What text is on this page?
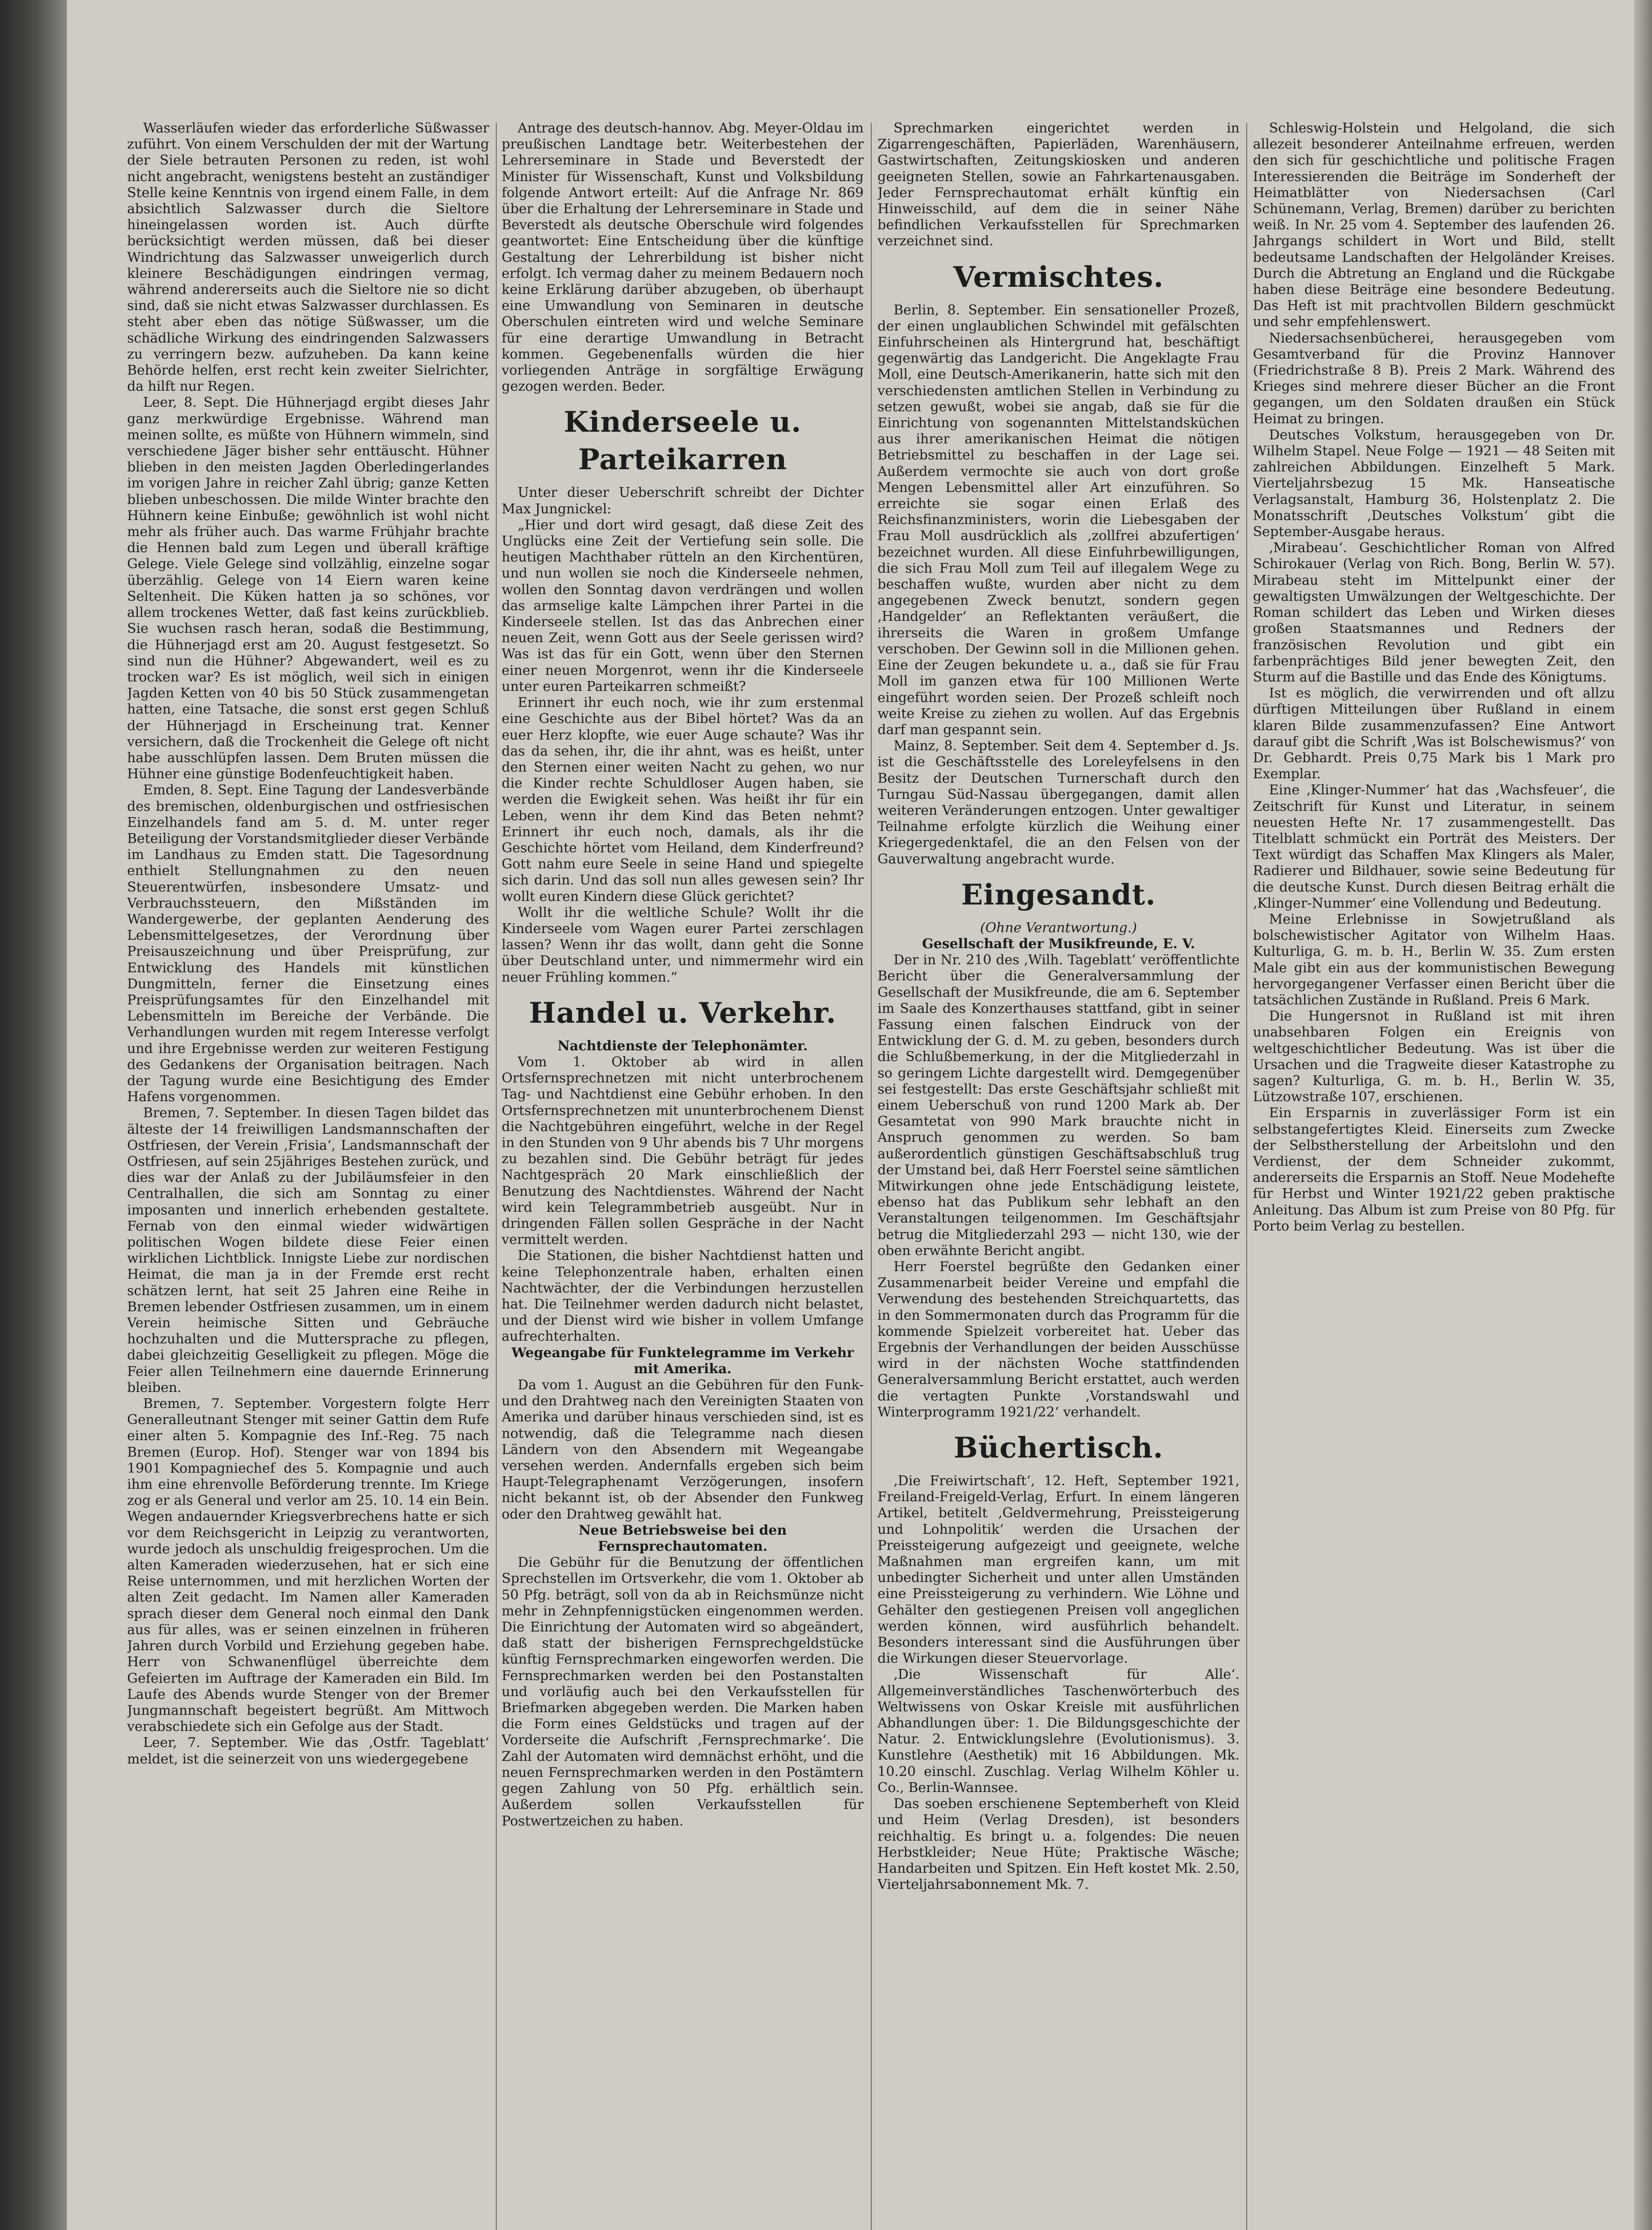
Wasserläufen wieder das erforderliche Süßwasser zuführt. Von einem Verschulden der mit der Wartung der Siele betrauten Personen zu reden, ist wohl nicht angebracht, wenigstens besteht an zuständiger Stelle keine Kenntnis von irgend einem Falle, in dem absichtlich Salzwasser durch die Sieltore hineingelassen worden ist. Auch dürfte berücksichtigt werden müssen, daß bei dieser Windrichtung das Salzwasser unweigerlich durch kleinere Beschädigungen eindringen vermag, während andererseits auch die Sieltore nie so dicht sind, daß sie nicht etwas Salzwasser durchlassen. Es steht aber eben das nötige Süßwasser, um die schädliche Wirkung des eindringenden Salzwassers zu verringern bezw. aufzuheben. Da kann keine Behörde helfen, erst recht kein zweiter Sielrichter, da hilft nur Regen.

Leer, 8. Sept. Die Hühnerjagd ergibt dieses Jahr ganz merkwürdige Ergebnisse. Während man meinen sollte, es müßte von Hühnern wimmeln, sind verschiedene Jäger bisher sehr enttäuscht. Hühner blieben in den meisten Jagden Oberledingerlandes im vorigen Jahre in reicher Zahl übrig; ganze Ketten blieben unbeschossen. Die milde Winter brachte den Hühnern keine Einbuße; gewöhnlich ist wohl nicht mehr als früher auch. Das warme Frühjahr brachte die Hennen bald zum Legen und überall kräftige Gelege. Viele Gelege sind vollzählig, einzelne sogar überzählig. Gelege von 14 Eiern waren keine Seltenheit. Die Küken hatten ja so schönes, vor allem trockenes Wetter, daß fast keins zurückblieb. Sie wuchsen rasch heran, sodaß die Bestimmung, die Hühnerjagd erst am 20. August festgesetzt. So sind nun die Hühner? Abgewandert, weil es zu trocken war? Es ist möglich, weil sich in einigen Jagden Ketten von 40 bis 50 Stück zusammengetan hatten, eine Tatsache, die sonst erst gegen Schluß der Hühnerjagd in Erscheinung trat. Kenner versichern, daß die Trockenheit die Gelege oft nicht habe ausschlüpfen lassen. Dem Bruten müssen die Hühner eine günstige Bodenfeuchtigkeit haben.

Emden, 8. Sept. Eine Tagung der Landesverbände des bremischen, oldenburgischen und ostfriesischen Einzelhandels fand am 5. d. M. unter reger Beteiligung der Vorstandsmitglieder dieser Verbände im Landhaus zu Emden statt. Die Tagesordnung enthielt Stellungnahmen zu den neuen Steuerentwürfen, insbesondere Umsatz- und Verbrauchssteuern, den Mißständen im Wandergewerbe, der geplanten Aenderung des Lebensmittelgesetzes, der Verordnung über Preisauszeichnung und über Preisprüfung, zur Entwicklung des Handels mit künstlichen Dungmitteln, ferner die Einsetzung eines Preisprüfungsamtes für den Einzelhandel mit Lebensmitteln im Bereiche der Verbände. Die Verhandlungen wurden mit regem Interesse verfolgt und ihre Ergebnisse werden zur weiteren Festigung des Gedankens der Organisation beitragen. Nach der Tagung wurde eine Besichtigung des Emder Hafens vorgenommen.

Bremen, 7. September. In diesen Tagen bildet das älteste der 14 freiwilligen Landsmannschaften der Ostfriesen, der Verein ‚Frisia‘, Landsmannschaft der Ostfriesen, auf sein 25jähriges Bestehen zurück, und dies war der Anlaß zu der Jubiläumsfeier in den Centralhallen, die sich am Sonntag zu einer imposanten und innerlich erhebenden gestaltete. Fernab von den einmal wieder widwärtigen politischen Wogen bildete diese Feier einen wirklichen Lichtblick. Innigste Liebe zur nordischen Heimat, die man ja in der Fremde erst recht schätzen lernt, hat seit 25 Jahren eine Reihe in Bremen lebender Ostfriesen zusammen, um in einem Verein heimische Sitten und Gebräuche hochzuhalten und die Muttersprache zu pflegen, dabei gleichzeitig Geselligkeit zu pflegen. Möge die Feier allen Teilnehmern eine dauernde Erinnerung bleiben.

Bremen, 7. September. Vorgestern folgte Herr Generalleutnant Stenger mit seiner Gattin dem Rufe einer alten 5. Kompagnie des Inf.-Reg. 75 nach Bremen (Europ. Hof). Stenger war von 1894 bis 1901 Kompagniechef des 5. Kompagnie und auch ihm eine ehrenvolle Beförderung trennte. Im Kriege zog er als General und verlor am 25. 10. 14 ein Bein. Wegen andauernder Kriegsverbrechens hatte er sich vor dem Reichsgericht in Leipzig zu verantworten, wurde jedoch als unschuldig freigesprochen. Um die alten Kameraden wiederzusehen, hat er sich eine Reise unternommen, und mit herzlichen Worten der alten Zeit gedacht. Im Namen aller Kameraden sprach dieser dem General noch einmal den Dank aus für alles, was er seinen einzelnen in früheren Jahren durch Vorbild und Erziehung gegeben habe. Herr von Schwanenflügel überreichte dem Gefeierten im Auftrage der Kameraden ein Bild. Im Laufe des Abends wurde Stenger von der Bremer Jungmannschaft begeistert begrüßt. Am Mittwoch verabschiedete sich ein Gefolge aus der Stadt.

Leer, 7. September. Wie das ‚Ostfr. Tageblatt‘ meldet, ist die seinerzeit von uns wiedergegebene

Antrage des deutsch-hannov. Abg. Meyer-Oldau im preußischen Landtage betr. Weiterbestehen der Lehrerseminare in Stade und Beverstedt der Minister für Wissenschaft, Kunst und Volksbildung folgende Antwort erteilt: Auf die Anfrage Nr. 869 über die Erhaltung der Lehrerseminare in Stade und Beverstedt als deutsche Oberschule wird folgendes geantwortet: Eine Entscheidung über die künftige Gestaltung der Lehrerbildung ist bisher nicht erfolgt. Ich vermag daher zu meinem Bedauern noch keine Erklärung darüber abzugeben, ob überhaupt eine Umwandlung von Seminaren in deutsche Oberschulen eintreten wird und welche Seminare für eine derartige Umwandlung in Betracht kommen. Gegebenenfalls würden die hier vorliegenden Anträge in sorgfältige Erwägung gezogen werden. Beder.

Kinderseele u. Parteikarren

Unter dieser Ueberschrift schreibt der Dichter Max Jungnickel:

„Hier und dort wird gesagt, daß diese Zeit des Unglücks eine Zeit der Vertiefung sein solle. Die heutigen Machthaber rütteln an den Kirchentüren, und nun wollen sie noch die Kinderseele nehmen, wollen den Sonntag davon verdrängen und wollen das armselige kalte Lämpchen ihrer Partei in die Kinderseele stellen. Ist das das Anbrechen einer neuen Zeit, wenn Gott aus der Seele gerissen wird? Was ist das für ein Gott, wenn über den Sternen einer neuen Morgenrot, wenn ihr die Kinderseele unter euren Parteikarren schmeißt?

Erinnert ihr euch noch, wie ihr zum erstenmal eine Geschichte aus der Bibel hörtet? Was da an euer Herz klopfte, wie euer Auge schaute? Was ihr das da sehen, ihr, die ihr ahnt, was es heißt, unter den Sternen einer weiten Nacht zu gehen, wo nur die Kinder rechte Schuldloser Augen haben, sie werden die Ewigkeit sehen. Was heißt ihr für ein Leben, wenn ihr dem Kind das Beten nehmt? Erinnert ihr euch noch, damals, als ihr die Geschichte hörtet vom Heiland, dem Kinderfreund? Gott nahm eure Seele in seine Hand und spiegelte sich darin. Und das soll nun alles gewesen sein? Ihr wollt euren Kindern diese Glück gerichtet?

Wollt ihr die weltliche Schule? Wollt ihr die Kinderseele vom Wagen eurer Partei zerschlagen lassen? Wenn ihr das wollt, dann geht die Sonne über Deutschland unter, und nimmermehr wird ein neuer Frühling kommen.“

Handel u. Verkehr.

Nachtdienste der Telephonämter.

Vom 1. Oktober ab wird in allen Ortsfernsprechnetzen mit nicht unterbrochenem Tag- und Nachtdienst eine Gebühr erhoben. In den Ortsfernsprechnetzen mit ununterbrochenem Dienst die Nachtgebühren eingeführt, welche in der Regel in den Stunden von 9 Uhr abends bis 7 Uhr morgens zu bezahlen sind. Die Gebühr beträgt für jedes Nachtgespräch 20 Mark einschließlich der Benutzung des Nachtdienstes. Während der Nacht wird kein Telegrammbetrieb ausgeübt. Nur in dringenden Fällen sollen Gespräche in der Nacht vermittelt werden.

Die Stationen, die bisher Nachtdienst hatten und keine Telephonzentrale haben, erhalten einen Nachtwächter, der die Verbindungen herzustellen hat. Die Teilnehmer werden dadurch nicht belastet, und der Dienst wird wie bisher in vollem Umfange aufrechterhalten.

Wegeangabe für Funktelegramme im Verkehr mit Amerika.

Da vom 1. August an die Gebühren für den Funk- und den Drahtweg nach den Vereinigten Staaten von Amerika und darüber hinaus verschieden sind, ist es notwendig, daß die Telegramme nach diesen Ländern von den Absendern mit Wegeangabe versehen werden. Andernfalls ergeben sich beim Haupt-Telegraphenamt Verzögerungen, insofern nicht bekannt ist, ob der Absender den Funkweg oder den Drahtweg gewählt hat.

Neue Betriebsweise bei den Fernsprechautomaten.

Die Gebühr für die Benutzung der öffentlichen Sprechstellen im Ortsverkehr, die vom 1. Oktober ab 50 Pfg. beträgt, soll von da ab in Reichsmünze nicht mehr in Zehnpfennigstücken eingenommen werden. Die Einrichtung der Automaten wird so abgeändert, daß statt der bisherigen Fernsprechgeldstücke künftig Fernsprechmarken eingeworfen werden. Die Fernsprechmarken werden bei den Postanstalten und vorläufig auch bei den Verkaufsstellen für Briefmarken abgegeben werden. Die Marken haben die Form eines Geldstücks und tragen auf der Vorderseite die Aufschrift ‚Fernsprechmarke‘. Die Zahl der Automaten wird demnächst erhöht, und die neuen Fernsprechmarken werden in den Postämtern gegen Zahlung von 50 Pfg. erhältlich sein. Außerdem sollen Verkaufsstellen für Postwertzeichen zu haben.

Sprechmarken eingerichtet werden in Zigarrengeschäften, Papierläden, Warenhäusern, Gastwirtschaften, Zeitungskiosken und anderen geeigneten Stellen, sowie an Fahrkartenausgaben. Jeder Fernsprechautomat erhält künftig ein Hinweisschild, auf dem die in seiner Nähe befindlichen Verkaufsstellen für Sprechmarken verzeichnet sind.

Vermischtes.

Berlin, 8. September. Ein sensationeller Prozeß, der einen unglaublichen Schwindel mit gefälschten Einfuhrscheinen als Hintergrund hat, beschäftigt gegenwärtig das Landgericht. Die Angeklagte Frau Moll, eine Deutsch-Amerikanerin, hatte sich mit den verschiedensten amtlichen Stellen in Verbindung zu setzen gewußt, wobei sie angab, daß sie für die Einrichtung von sogenannten Mittelstandsküchen aus ihrer amerikanischen Heimat die nötigen Betriebsmittel zu beschaffen in der Lage sei. Außerdem vermochte sie auch von dort große Mengen Lebensmittel aller Art einzuführen. So erreichte sie sogar einen Erlaß des Reichsfinanzministers, worin die Liebesgaben der Frau Moll ausdrücklich als ‚zollfrei abzufertigen‘ bezeichnet wurden. All diese Einfuhrbewilligungen, die sich Frau Moll zum Teil auf illegalem Wege zu beschaffen wußte, wurden aber nicht zu dem angegebenen Zweck benutzt, sondern gegen ‚Handgelder‘ an Reflektanten veräußert, die ihrerseits die Waren in großem Umfange verschoben. Der Gewinn soll in die Millionen gehen. Eine der Zeugen bekundete u. a., daß sie für Frau Moll im ganzen etwa für 100 Millionen Werte eingeführt worden seien. Der Prozeß schleift noch weite Kreise zu ziehen zu wollen. Auf das Ergebnis darf man gespannt sein.

Mainz, 8. September. Seit dem 4. September d. Js. ist die Geschäftsstelle des Loreleyfelsens in den Besitz der Deutschen Turnerschaft durch den Turngau Süd-Nassau übergegangen, damit allen weiteren Veränderungen entzogen. Unter gewaltiger Teilnahme erfolgte kürzlich die Weihung einer Kriegergedenktafel, die an den Felsen von der Gauverwaltung angebracht wurde.

Eingesandt.

(Ohne Verantwortung.)

Gesellschaft der Musikfreunde, E. V.

Der in Nr. 210 des ‚Wilh. Tageblatt‘ veröffentlichte Bericht über die Generalversammlung der Gesellschaft der Musikfreunde, die am 6. September im Saale des Konzerthauses stattfand, gibt in seiner Fassung einen falschen Eindruck von der Entwicklung der G. d. M. zu geben, besonders durch die Schlußbemerkung, in der die Mitgliederzahl in so geringem Lichte dargestellt wird. Demgegenüber sei festgestellt: Das erste Geschäftsjahr schließt mit einem Ueberschuß von rund 1200 Mark ab. Der Gesamtetat von 990 Mark brauchte nicht in Anspruch genommen zu werden. So bam außerordentlich günstigen Geschäftsabschluß trug der Umstand bei, daß Herr Foerstel seine sämtlichen Mitwirkungen ohne jede Entschädigung leistete, ebenso hat das Publikum sehr lebhaft an den Veranstaltungen teilgenommen. Im Geschäftsjahr betrug die Mitgliederzahl 293 — nicht 130, wie der oben erwähnte Bericht angibt.

Herr Foerstel begrüßte den Gedanken einer Zusammenarbeit beider Vereine und empfahl die Verwendung des bestehenden Streichquartetts, das in den Sommermonaten durch das Programm für die kommende Spielzeit vorbereitet hat. Ueber das Ergebnis der Verhandlungen der beiden Ausschüsse wird in der nächsten Woche stattfindenden Generalversammlung Bericht erstattet, auch werden die vertagten Punkte ‚Vorstandswahl und Winterprogramm 1921/22‘ verhandelt.

Büchertisch.

‚Die Freiwirtschaft‘, 12. Heft, September 1921, Freiland-Freigeld-Verlag, Erfurt. In einem längeren Artikel, betitelt ‚Geldvermehrung, Preissteigerung und Lohnpolitik‘ werden die Ursachen der Preissteigerung aufgezeigt und geeignete, welche Maßnahmen man ergreifen kann, um mit unbedingter Sicherheit und unter allen Umständen eine Preissteigerung zu verhindern. Wie Löhne und Gehälter den gestiegenen Preisen voll angeglichen werden können, wird ausführlich behandelt. Besonders interessant sind die Ausführungen über die Wirkungen dieser Steuervorlage.

‚Die Wissenschaft für Alle‘. Allgemeinverständliches Taschenwörterbuch des Weltwissens von Oskar Kreisle mit ausführlichen Abhandlungen über: 1. Die Bildungsgeschichte der Natur. 2. Entwicklungslehre (Evolutionismus). 3. Kunstlehre (Aesthetik) mit 16 Abbildungen. Mk. 10.20 einschl. Zuschlag. Verlag Wilhelm Köhler u. Co., Berlin-Wannsee.

Das soeben erschienene Septemberheft von Kleid und Heim (Verlag Dresden), ist besonders reichhaltig. Es bringt u. a. folgendes: Die neuen Herbstkleider; Neue Hüte; Praktische Wäsche; Handarbeiten und Spitzen. Ein Heft kostet Mk. 2.50, Vierteljahrsabonnement Mk. 7.

Schleswig-Holstein und Helgoland, die sich allezeit besonderer Anteilnahme erfreuen, werden den sich für geschichtliche und politische Fragen Interessierenden die Beiträge im Sonderheft der Heimatblätter von Niedersachsen (Carl Schünemann, Verlag, Bremen) darüber zu berichten weiß. In Nr. 25 vom 4. September des laufenden 26. Jahrgangs schildert in Wort und Bild, stellt bedeutsame Landschaften der Helgoländer Kreises. Durch die Abtretung an England und die Rückgabe haben diese Beiträge eine besondere Bedeutung. Das Heft ist mit prachtvollen Bildern geschmückt und sehr empfehlenswert.

Niedersachsenbücherei, herausgegeben vom Gesamtverband für die Provinz Hannover (Friedrichstraße 8 B). Preis 2 Mark. Während des Krieges sind mehrere dieser Bücher an die Front gegangen, um den Soldaten draußen ein Stück Heimat zu bringen.

Deutsches Volkstum, herausgegeben von Dr. Wilhelm Stapel. Neue Folge — 1921 — 48 Seiten mit zahlreichen Abbildungen. Einzelheft 5 Mark. Vierteljahrsbezug 15 Mk. Hanseatische Verlagsanstalt, Hamburg 36, Holstenplatz 2. Die Monatsschrift ‚Deutsches Volkstum‘ gibt die September-Ausgabe heraus.

‚Mirabeau‘. Geschichtlicher Roman von Alfred Schirokauer (Verlag von Rich. Bong, Berlin W. 57). Mirabeau steht im Mittelpunkt einer der gewaltigsten Umwälzungen der Weltgeschichte. Der Roman schildert das Leben und Wirken dieses großen Staatsmannes und Redners der französischen Revolution und gibt ein farbenprächtiges Bild jener bewegten Zeit, den Sturm auf die Bastille und das Ende des Königtums.

Ist es möglich, die verwirrenden und oft allzu dürftigen Mitteilungen über Rußland in einem klaren Bilde zusammenzufassen? Eine Antwort darauf gibt die Schrift ‚Was ist Bolschewismus?‘ von Dr. Gebhardt. Preis 0,75 Mark bis 1 Mark pro Exemplar.

Eine ‚Klinger-Nummer‘ hat das ‚Wachsfeuer‘, die Zeitschrift für Kunst und Literatur, in seinem neuesten Hefte Nr. 17 zusammengestellt. Das Titelblatt schmückt ein Porträt des Meisters. Der Text würdigt das Schaffen Max Klingers als Maler, Radierer und Bildhauer, sowie seine Bedeutung für die deutsche Kunst. Durch diesen Beitrag erhält die ‚Klinger-Nummer‘ eine Vollendung und Bedeutung.

Meine Erlebnisse in Sowjetrußland als bolschewistischer Agitator von Wilhelm Haas. Kulturliga, G. m. b. H., Berlin W. 35. Zum ersten Male gibt ein aus der kommunistischen Bewegung hervorgegangener Verfasser einen Bericht über die tatsächlichen Zustände in Rußland. Preis 6 Mark.

Die Hungersnot in Rußland ist mit ihren unabsehbaren Folgen ein Ereignis von weltgeschichtlicher Bedeutung. Was ist über die Ursachen und die Tragweite dieser Katastrophe zu sagen? Kulturliga, G. m. b. H., Berlin W. 35, Lützowstraße 107, erschienen.

Ein Ersparnis in zuverlässiger Form ist ein selbstangefertigtes Kleid. Einerseits zum Zwecke der Selbstherstellung der Arbeitslohn und den Verdienst, der dem Schneider zukommt, andererseits die Ersparnis an Stoff. Neue Modehefte für Herbst und Winter 1921/22 geben praktische Anleitung. Das Album ist zum Preise von 80 Pfg. für Porto beim Verlag zu bestellen.
